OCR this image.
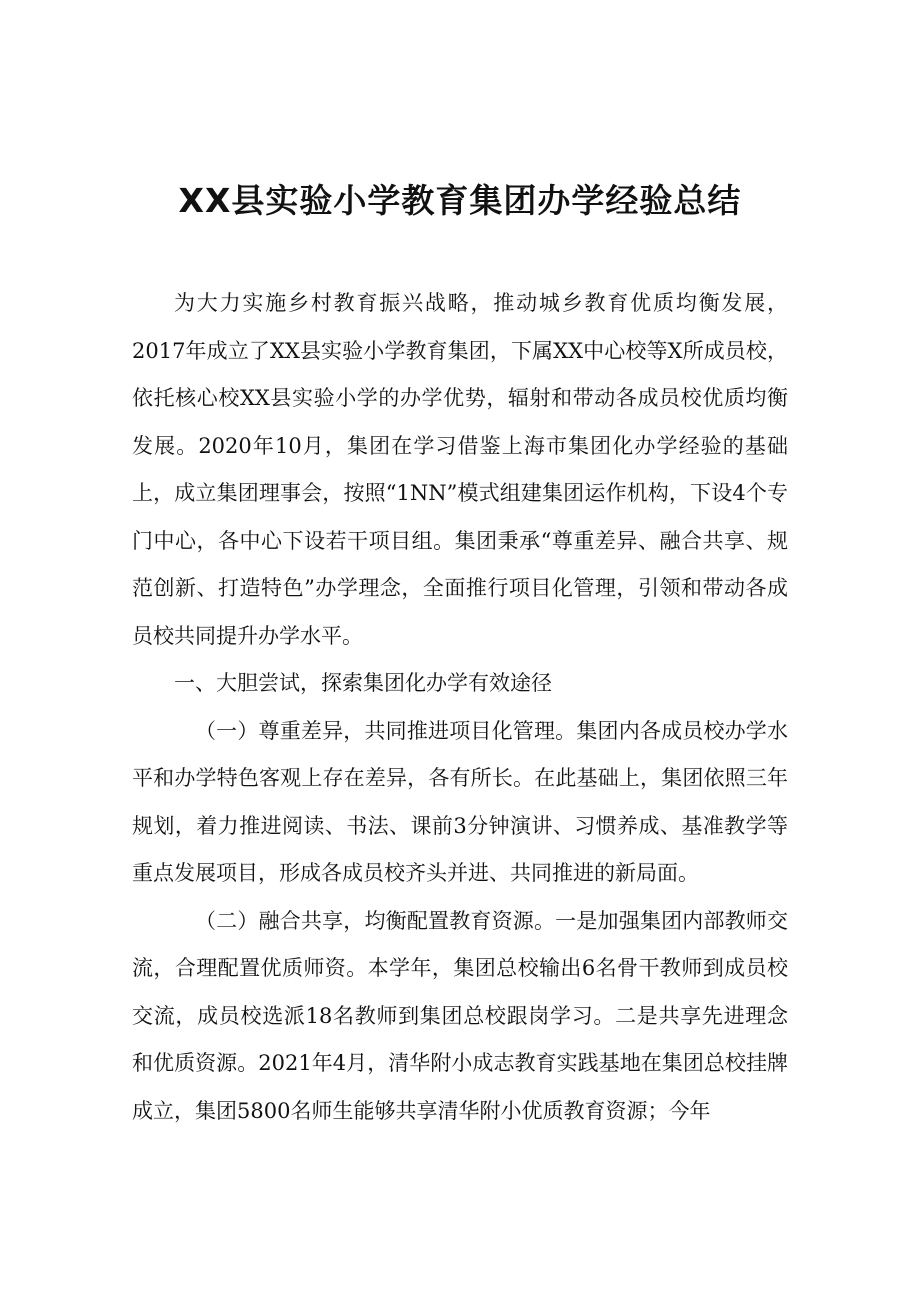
XX县实验小学教育集团办学经验总结

为大力实施乡村教育振兴战略，推动城乡教育优质均衡发展，2017年成立了XX县实验小学教育集团，下属XX中心校等X所成员校，依托核心校XX县实验小学的办学优势，辐射和带动各成员校优质均衡发展。2020年10月，集团在学习借鉴上海市集团化办学经验的基础上，成立集团理事会，按照“1NN”模式组建集团运作机构，下设4个专门中心，各中心下设若干项目组。集团秉承“尊重差异、融合共享、规范创新、打造特色”办学理念，全面推行项目化管理，引领和带动各成员校共同提升办学水平。

一、大胆尝试，探索集团化办学有效途径

（一）尊重差异，共同推进项目化管理。集团内各成员校办学水平和办学特色客观上存在差异，各有所长。在此基础上，集团依照三年规划，着力推进阅读、书法、课前3分钟演讲、习惯养成、基准教学等重点发展项目，形成各成员校齐头并进、共同推进的新局面。

（二）融合共享，均衡配置教育资源。一是加强集团内部教师交流，合理配置优质师资。本学年，集团总校输出6名骨干教师到成员校交流，成员校选派18名教师到集团总校跟岗学习。二是共享先进理念和优质资源。2021年4月，清华附小成志教育实践基地在集团总校挂牌成立，集团5800名师生能够共享清华附小优质教育资源；今年
